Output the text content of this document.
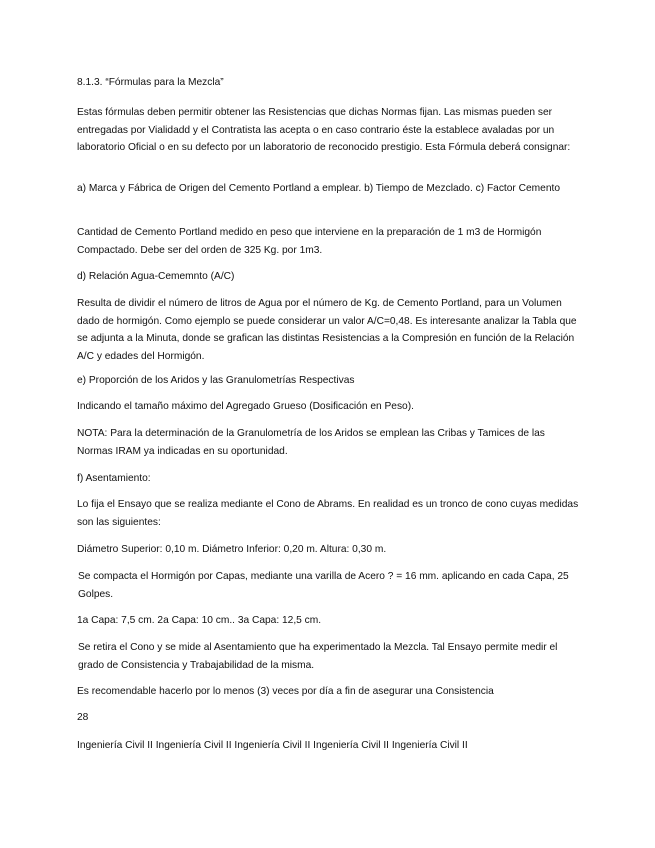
8.1.3. “Fórmulas para la Mezcla”

Estas fórmulas deben permitir obtener las Resistencias que dichas Normas fijan. Las mismas pueden ser entregadas por Vialidadd y el Contratista las acepta o en caso contrario éste la establece avaladas por un laboratorio Oficial o en su defecto por un laboratorio de reconocido prestigio. Esta Fórmula deberá consignar:

a) Marca y Fábrica de Origen del Cemento Portland a emplear. b) Tiempo de Mezclado. c) Factor Cemento

Cantidad de Cemento Portland medido en peso que interviene en la preparación de 1 m3 de Hormigón Compactado. Debe ser del orden de 325 Kg. por 1m3.

d) Relación Agua-Cememnto (A/C)

Resulta de dividir el número de litros de Agua por el número de Kg. de Cemento Portland, para un Volumen dado de hormigón. Como ejemplo se puede considerar un valor A/C=0,48. Es interesante analizar la Tabla que se adjunta a la Minuta, donde se grafican las distintas Resistencias a la Compresión en función de la Relación A/C y edades del Hormigón.

e) Proporción de los Aridos y las Granulometrías Respectivas

Indicando el tamaño máximo del Agregado Grueso (Dosificación en Peso).

NOTA: Para la determinación de la Granulometría de los Aridos se emplean las Cribas y Tamices de las Normas IRAM ya indicadas en su oportunidad.

f) Asentamiento:

Lo fija el Ensayo que se realiza mediante el Cono de Abrams. En realidad es un tronco de cono cuyas medidas son las siguientes:

Diámetro Superior: 0,10 m. Diámetro Inferior: 0,20 m. Altura: 0,30 m.

Se compacta el Hormigón por Capas, mediante una varilla de Acero ? = 16 mm. aplicando en cada Capa, 25 Golpes.

1a Capa: 7,5 cm. 2a Capa: 10 cm.. 3a Capa: 12,5 cm.

Se retira el Cono y se mide al Asentamiento que ha experimentado la Mezcla. Tal Ensayo permite medir el grado de Consistencia y Trabajabilidad de la misma.

Es recomendable hacerlo por lo menos (3) veces por día a fin de asegurar una Consistencia

28

Ingeniería Civil II Ingeniería Civil II Ingeniería Civil II Ingeniería Civil II Ingeniería Civil II
